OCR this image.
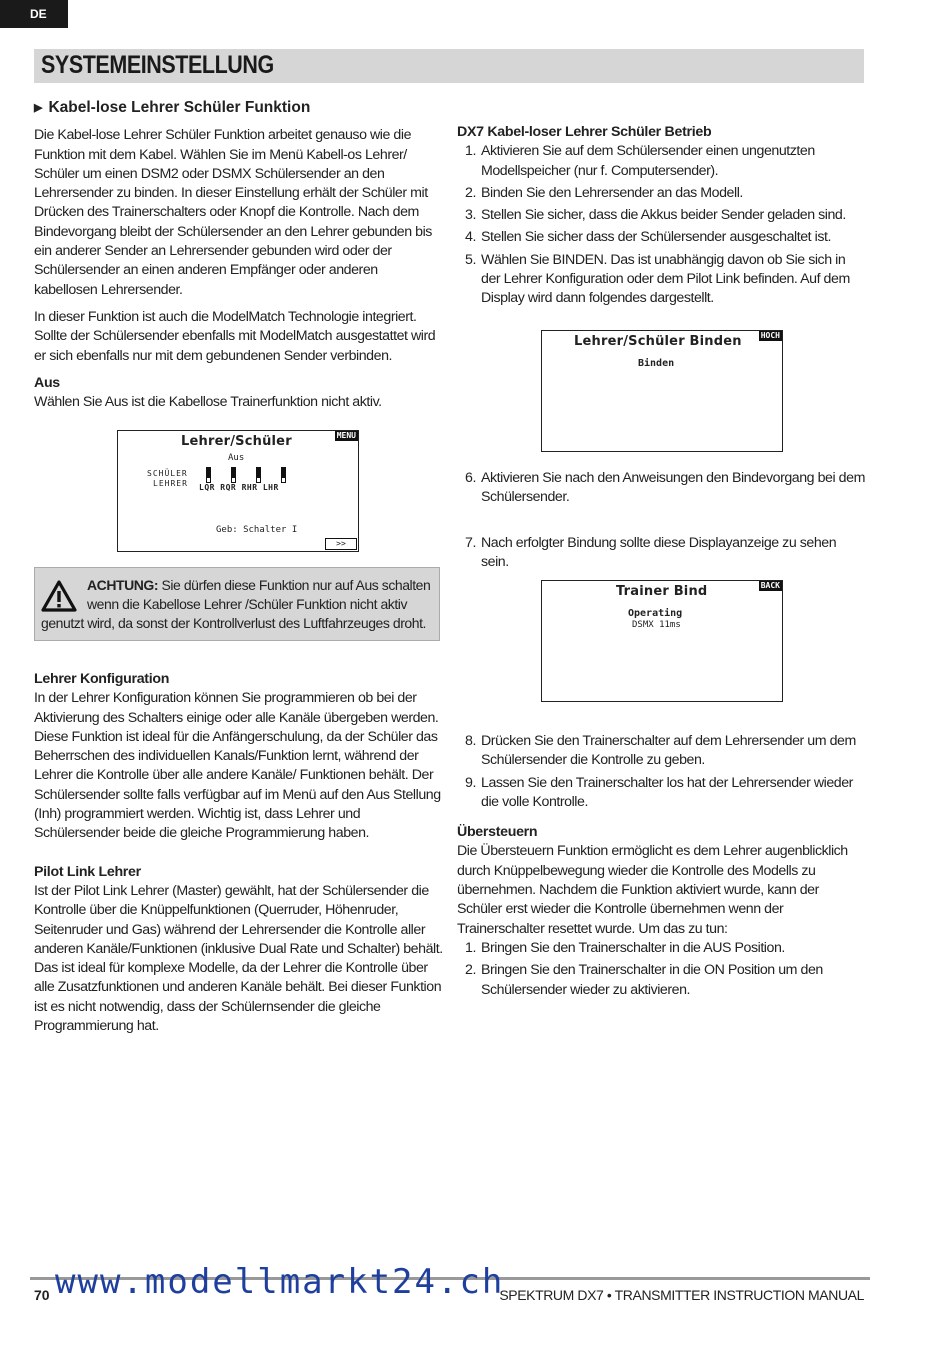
DE
SYSTEMEINSTELLUNG

▶ Kabel-lose Lehrer Schüler Funktion

Die Kabel-lose Lehrer Schüler Funktion arbeitet genauso wie die Funktion mit dem Kabel. Wählen Sie im Menü Kabell-os Lehrer/ Schüler um einen DSM2 oder DSMX Schülersender an den Lehrersender zu binden. In dieser Einstellung erhält der Schüler mit Drücken des Trainerschalters oder Knopf die Kontrolle. Nach dem Bindevorgang bleibt der Schülersender an den Lehrer gebunden bis ein anderer Sender an Lehrersender gebunden wird oder der Schülersender an einen anderen Empfänger oder anderen kabellosen Lehrersender.

In dieser Funktion ist auch die ModelMatch Technologie integriert. Sollte der Schülersender ebenfalls mit ModelMatch ausgestattet wird er sich ebenfalls nur mit dem gebundenen Sender verbinden.

Aus

Wählen Sie Aus ist die Kabellose Trainerfunktion nicht aktiv.

Lehrer/Schüler	MENU
Aus
SCHÜLER
LEHRER LQR RQR RHR LHR
Geb: Schalter I
>>
ACHTUNG: Sie dürfen diese Funktion nur auf Aus schalten
wenn die Kabellose Lehrer /Schüler Funktion nicht aktiv
genutzt wird, da sonst der Kontrollverlust des Luftfahrzeuges droht.

Lehrer Konfiguration

In der Lehrer Konfiguration können Sie programmieren ob bei der Aktivierung des Schalters einige oder alle Kanäle übergeben werden. Diese Funktion ist ideal für die Anfängerschulung, da der Schüler das Beherrschen des individuellen Kanals/Funktion lernt, während der Lehrer die Kontrolle über alle andere Kanäle/ Funktionen behält. Der Schülersender sollte falls verfügbar auf im Menü auf den Aus Stellung (Inh) programmiert werden. Wichtig ist, dass Lehrer und Schülersender beide die gleiche Programmierung haben.

Pilot Link Lehrer

Ist der Pilot Link Lehrer (Master) gewählt, hat der Schülersender die Kontrolle über die Knüppelfunktionen (Querruder, Höhenruder, Seitenruder und Gas) während der Lehrersender die Kontrolle aller anderen Kanäle/Funktionen (inklusive Dual Rate und Schalter) behält. Das ist ideal für komplexe Modelle, da der Lehrer die Kontrolle über alle Zusatzfunktionen und anderen Kanäle behält. Bei dieser Funktion ist es nicht notwendig, dass der Schülernsender die gleiche Programmierung hat.

DX7 Kabel-loser Lehrer Schüler Betrieb

1. Aktivieren Sie auf dem Schülersender einen ungenutzten Modellspeicher (nur f. Computersender).
2. Binden Sie den Lehrersender an das Modell.
3. Stellen Sie sicher, dass die Akkus beider Sender geladen sind.
4. Stellen Sie sicher dass der Schülersender ausgeschaltet ist.
5. Wählen Sie BINDEN. Das ist unabhängig davon ob Sie sich in der Lehrer Konfiguration oder dem Pilot Link befinden. Auf dem Display wird dann folgendes dargestellt.
Lehrer/Schüler Binden HOCH
Binden
6. Aktivieren Sie nach den Anweisungen den Bindevorgang bei dem Schülersender.
7. Nach erfolgter Bindung sollte diese Displayanzeige zu sehen sein.
Trainer Bind	BACK
Operating
DSMX 11ms
8. Drücken Sie den Trainerschalter auf dem Lehrersender um dem Schülersender die Kontrolle zu geben.
9. Lassen Sie den Trainerschalter los hat der Lehrersender wieder die volle Kontrolle.

Übersteuern

Die Übersteuern Funktion ermöglicht es dem Lehrer augenblicklich durch Knüppelbewegung wieder die Kontrolle des Modells zu übernehmen. Nachdem die Funktion aktiviert wurde, kann der Schüler erst wieder die Kontrolle übernehmen wenn der Trainerschalter resettet wurde. Um das zu tun:

1. Bringen Sie den Trainerschalter in die AUS Position.
2. Bringen Sie den Trainerschalter in die ON Position um den Schülersender wieder zu aktivieren.
SPEKTRUM DX7 • TRANSMITTER INSTRUCTION MANUAL
70 www.modellmarkt24.ch
